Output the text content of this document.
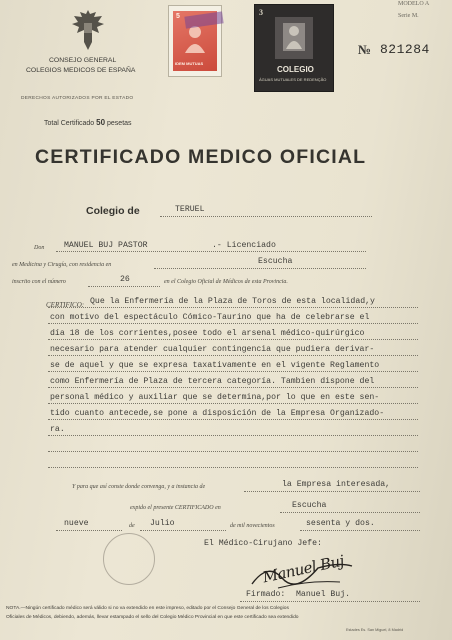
MODELO A
Serie M.
№ 821284
CONSEJO GENERAL
COLEGIOS MEDICOS DE ESPAÑA
DERECHOS AUTORIZADOS POR EL ESTADO
Total Certificado 50 pesetas
5
IDEM MUTUAS
3
COLEGIO
ÁGUAS MUTUALES DE REDENÇÃO
CERTIFICADO MEDICO OFICIAL
Colegio de	TERUEL
Don MANUEL BUJ PASTOR	.- Licenciado
en Medicina y Cirugía, con residencia en	Escucha
inscrito con el número	26	en el Colegio Oficial de Médicos de esta Provincia.
CERTIFICO: Que la Enfermería de la Plaza de Toros de esta localidad,y
con motivo del espectáculo Cómico-Taurino que ha de celebrarse el
día 18 de los corrientes,posee todo el arsenal médico-quirúrgico
necesario para atender cualquier contingencia que pudiera derivar-
se de aquel y que se expresa taxativamente en el vigente Reglamento
como Enfermería de Plaza de tercera categoría. Tambien dispone del
personal médico y auxiliar que se determina,por lo que en este sen-
tido cuanto antecede,se pone a disposición de la Empresa Organizado-
ra.
Y para que así conste donde convenga, y a instancia de	la Empresa interesada,
expido el presente CERTIFICADO en	Escucha
nueve	de Julio	de mil novecientos	sesenta y dos.
El Médico-Cirujano Jefe:
Manuel Buj
Firmado: Manuel Buj.
NOTA.—Ningún certificado médico será válido si no va extendido en este impreso, editado por el Consejo General de los Colegios
Oficiales de Médicos, debiendo, además, llevar estampado el sello del Colegio Médico Provincial en que este certificado sea extendido
Estades Es. San Miguel, 8 Madrid
